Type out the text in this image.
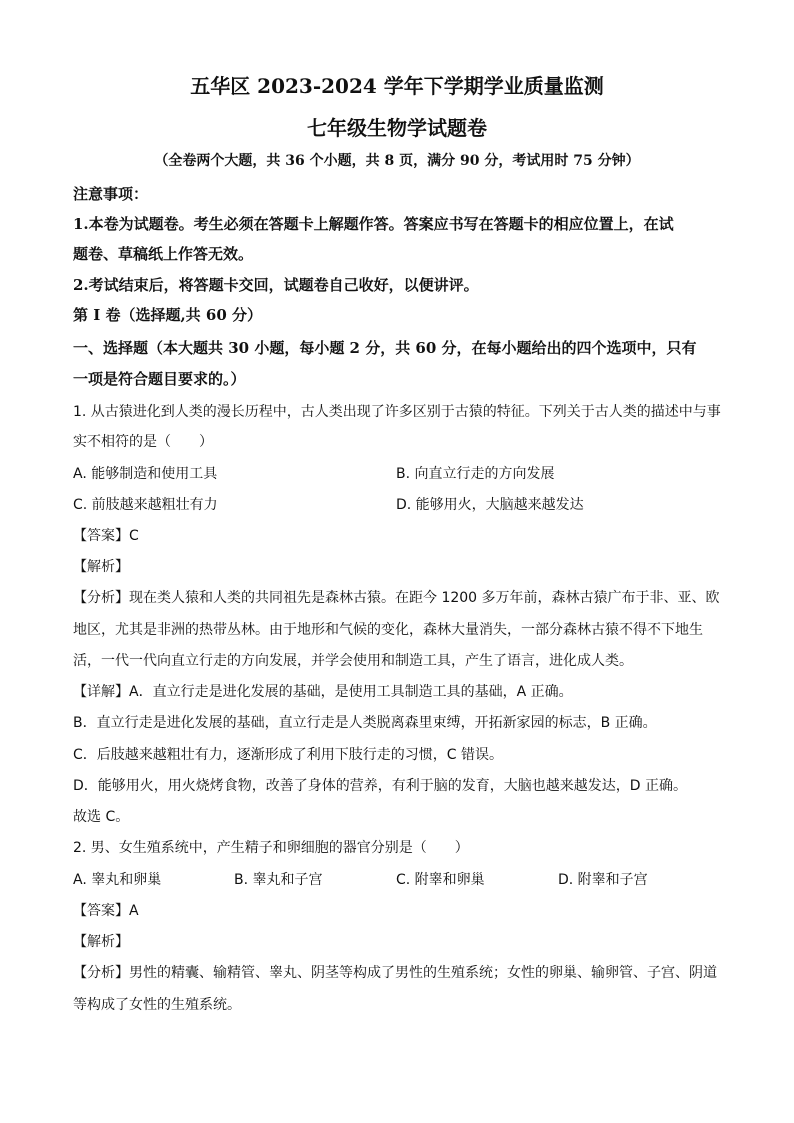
五华区 2023-2024 学年下学期学业质量监测
七年级生物学试题卷
（全卷两个大题，共 36 个小题，共 8 页，满分 90 分，考试用时 75 分钟）
注意事项：
1.本卷为试题卷。考生必须在答题卡上解题作答。答案应书写在答题卡的相应位置上，在试
题卷、草稿纸上作答无效。
2.考试结束后，将答题卡交回，试题卷自己收好，以便讲评。
第 I 卷（选择题,共 60 分）
一、选择题（本大题共 30 小题，每小题 2 分，共 60 分，在每小题给出的四个选项中，只有
一项是符合题目要求的。）
1. 从古猿进化到人类的漫长历程中，古人类出现了许多区别于古猿的特征。下列关于古人类的描述中与事
实不相符的是（　　）
A. 能够制造和使用工具	B. 向直立行走的方向发展
C. 前肢越来越粗壮有力	D. 能够用火，大脑越来越发达
【答案】C
【解析】
【分析】现在类人猿和人类的共同祖先是森林古猿。在距今 1200 多万年前，森林古猿广布于非、亚、欧
地区，尤其是非洲的热带丛林。由于地形和气候的变化，森林大量消失，一部分森林古猿不得不下地生
活，一代一代向直立行走的方向发展，并学会使用和制造工具，产生了语言，进化成人类。
【详解】A．直立行走是进化发展的基础，是使用工具制造工具的基础，A 正确。
B．直立行走是进化发展的基础，直立行走是人类脱离森里束缚，开拓新家园的标志，B 正确。
C．后肢越来越粗壮有力，逐渐形成了利用下肢行走的习惯，C 错误。
D．能够用火，用火烧烤食物，改善了身体的营养，有利于脑的发育，大脑也越来越发达，D 正确。
故选 C。
2. 男、女生殖系统中，产生精子和卵细胞的器官分别是（　　）
A. 睾丸和卵巢	B. 睾丸和子宫	C. 附睾和卵巢	D. 附睾和子宫
【答案】A
【解析】
【分析】男性的精囊、输精管、睾丸、阴茎等构成了男性的生殖系统；女性的卵巢、输卵管、子宫、阴道
等构成了女性的生殖系统。
